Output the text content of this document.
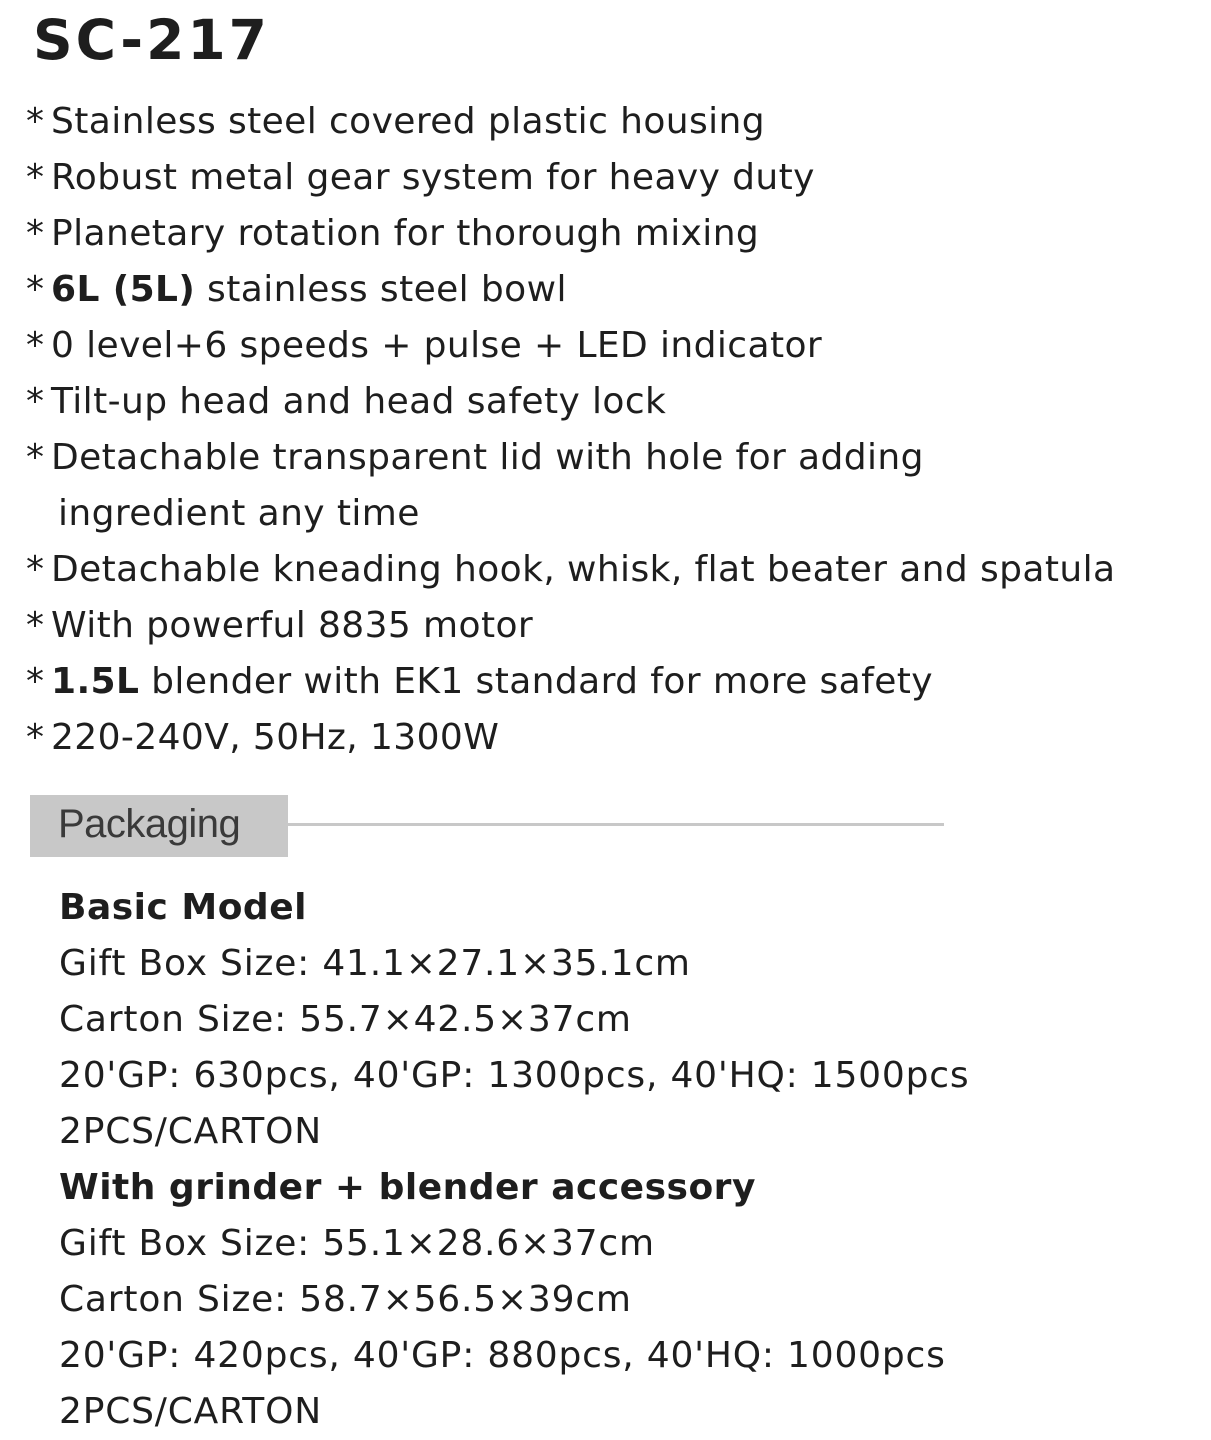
SC-217
* Stainless steel covered plastic housing
* Robust metal gear system for heavy duty
* Planetary rotation for thorough mixing
* 6L (5L) stainless steel bowl
* 0 level+6 speeds + pulse + LED indicator
* Tilt-up head and head safety lock
* Detachable transparent lid with hole for adding
ingredient any time
* Detachable kneading hook, whisk, flat beater and spatula
* With powerful 8835 motor
* 1.5L blender with EK1 standard for more safety
* 220-240V, 50Hz, 1300W
Packaging
Basic Model
Gift Box Size: 41.1×27.1×35.1cm
Carton Size: 55.7×42.5×37cm
20'GP: 630pcs, 40'GP: 1300pcs, 40'HQ: 1500pcs
2PCS/CARTON
With grinder + blender accessory
Gift Box Size: 55.1×28.6×37cm
Carton Size: 58.7×56.5×39cm
20'GP: 420pcs, 40'GP: 880pcs, 40'HQ: 1000pcs
2PCS/CARTON
